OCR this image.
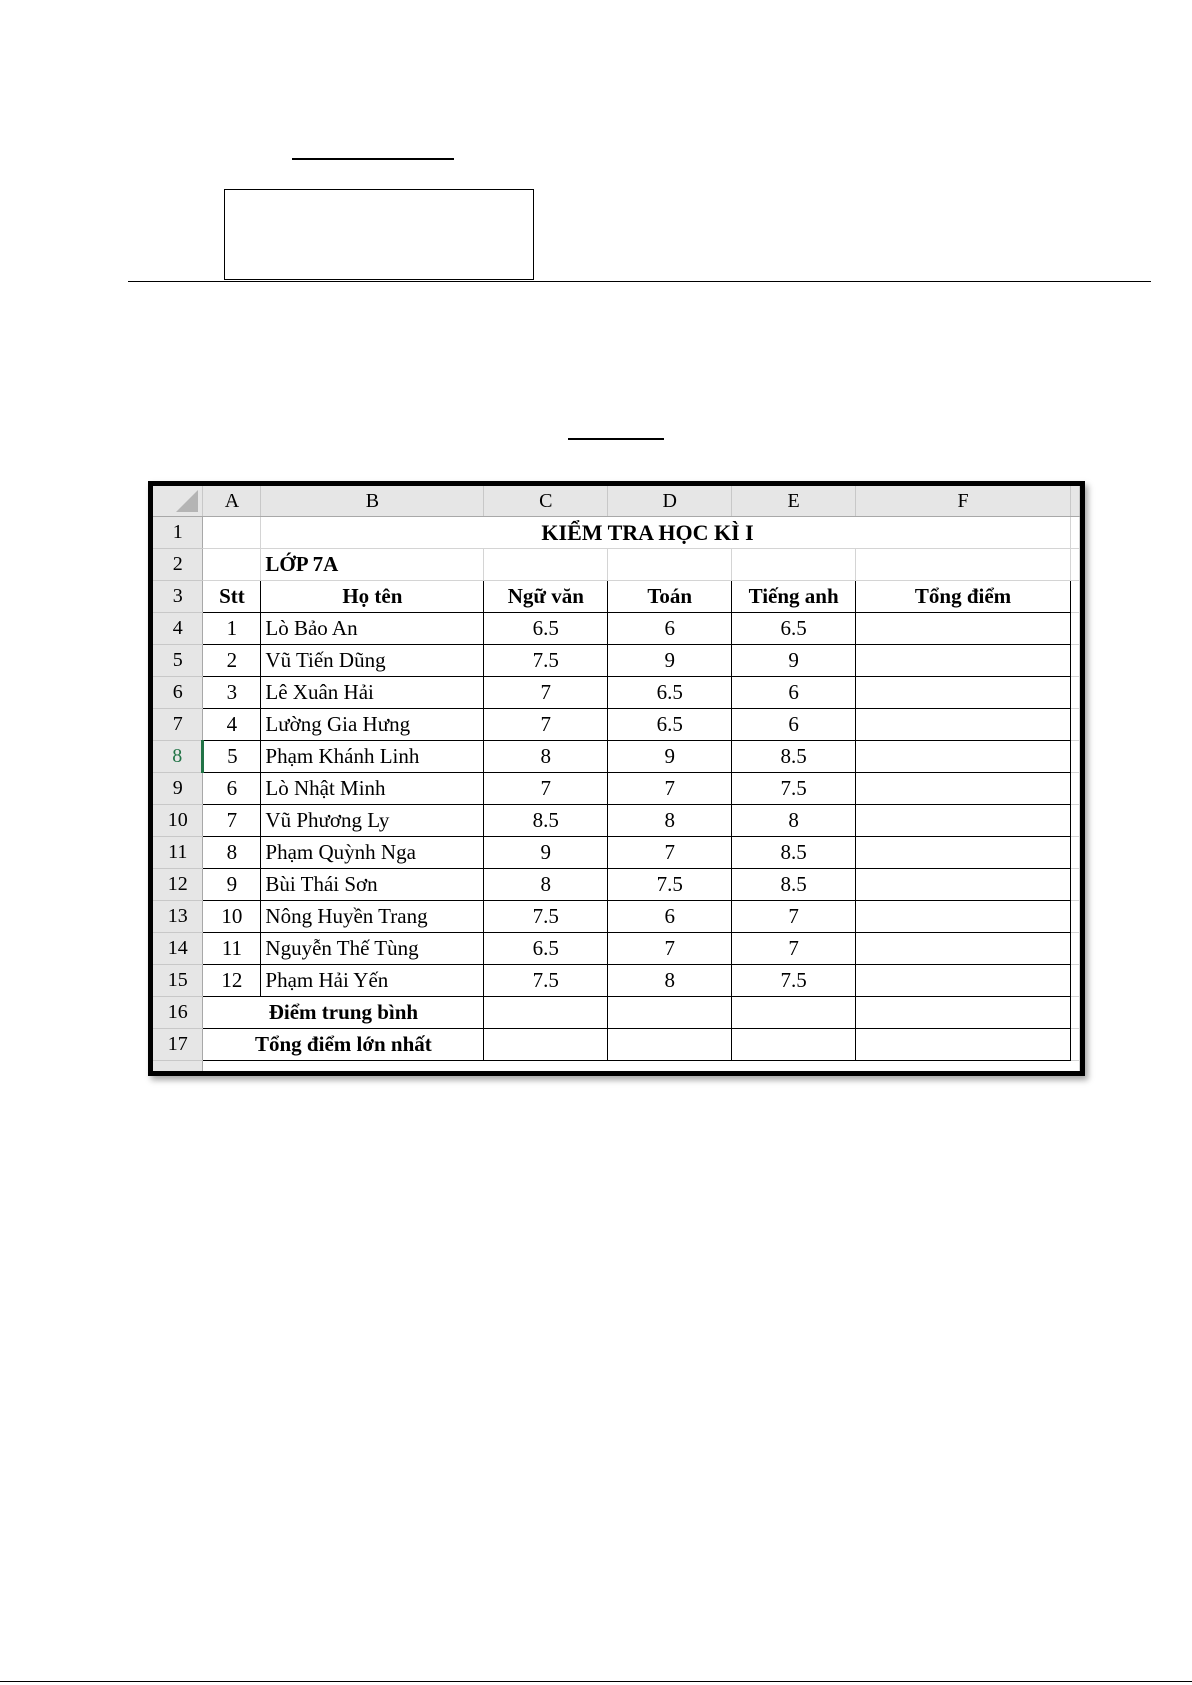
	A	B	C	D	E	F	
1		KIỂM TRA HỌC KÌ I					
2		LỚP 7A					
3	Stt	Họ tên	Ngữ văn	Toán	Tiếng anh	Tổng điểm	
4	1	Lò Bảo An	6.5	6	6.5		
5	2	Vũ Tiến Dũng	7.5	9	9		
6	3	Lê Xuân Hải	7	6.5	6		
7	4	Lường Gia Hưng	7	6.5	6		
8	5	Phạm Khánh Linh	8	9	8.5		
9	6	Lò Nhật Minh	7	7	7.5		
10	7	Vũ Phương Ly	8.5	8	8		
11	8	Phạm Quỳnh Nga	9	7	8.5		
12	9	Bùi Thái Sơn	8	7.5	8.5		
13	10	Nông Huyền Trang	7.5	6	7		
14	11	Nguyễn Thế Tùng	6.5	7	7		
15	12	Phạm Hải Yến	7.5	8	7.5		
16	Điểm trung bình						
17	Tổng điểm lớn nhất						
